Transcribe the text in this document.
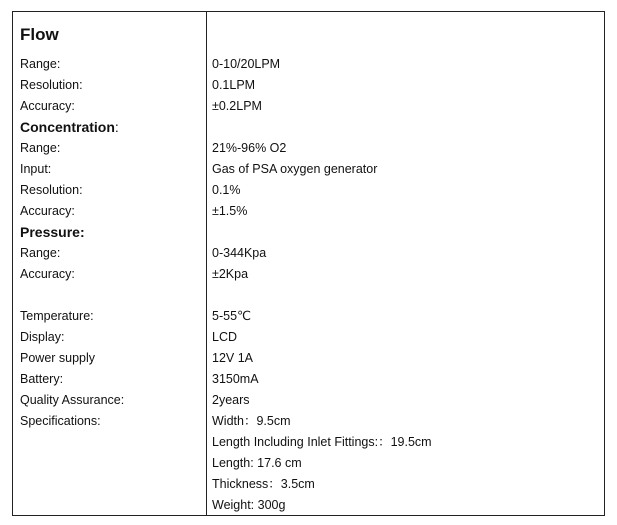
Flow
Range:	0-10/20LPM
Resolution:	0.1LPM
Accuracy:	±0.2LPM
Concentration:
Range:	21%-96% O2
Input:	Gas of PSA oxygen generator
Resolution:	0.1%
Accuracy:	±1.5%
Pressure:
Range:	0-344Kpa
Accuracy:	±2Kpa
Temperature:	5-55℃
Display:	LCD
Power supply	12V 1A
Battery:	3150mA
Quality Assurance:	2years
Specifications:	Width：9.5cm
Length Including Inlet Fittings:：19.5cm
Length: 17.6 cm
Thickness：3.5cm
Weight: 300g
